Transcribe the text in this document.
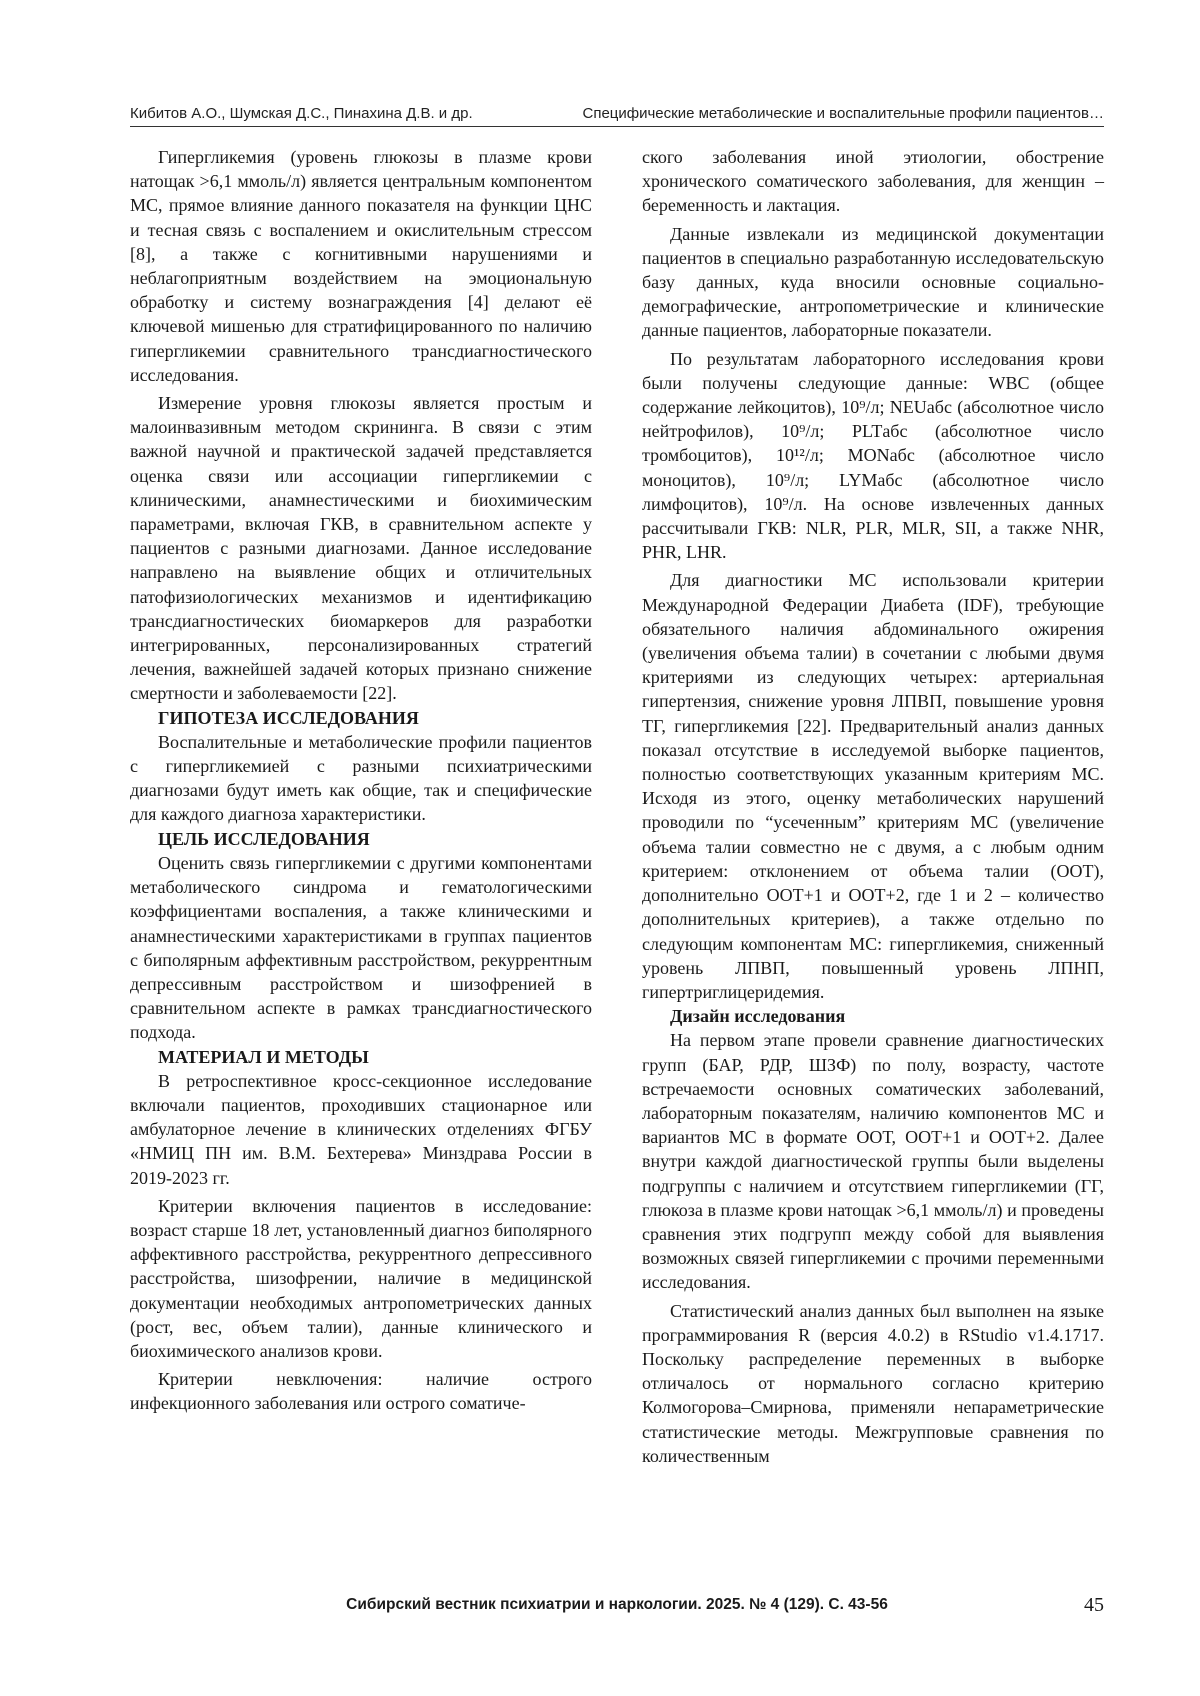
Кибитов А.О., Шумская Д.С., Пинахина Д.В. и др.	Специфические метаболические и воспалительные профили пациентов…

Гипергликемия (уровень глюкозы в плазме крови натощак >6,1 ммоль/л) является центральным компонентом МС, прямое влияние данного показателя на функции ЦНС и тесная связь с воспалением и окислительным стрессом [8], а также с когнитивными нарушениями и неблагоприятным воздействием на эмоциональную обработку и систему вознаграждения [4] делают её ключевой мишенью для стратифицированного по наличию гипергликемии сравнительного трансдиагностического исследования.

Измерение уровня глюкозы является простым и малоинвазивным методом скрининга. В связи с этим важной научной и практической задачей представляется оценка связи или ассоциации гипергликемии с клиническими, анамнестическими и биохимическим параметрами, включая ГКВ, в сравнительном аспекте у пациентов с разными диагнозами. Данное исследование направлено на выявление общих и отличительных патофизиологических механизмов и идентификацию трансдиагностических биомаркеров для разработки интегрированных, персонализированных стратегий лечения, важнейшей задачей которых признано снижение смертности и заболеваемости [22].

ГИПОТЕЗА ИССЛЕДОВАНИЯ

Воспалительные и метаболические профили пациентов с гипергликемией с разными психиатрическими диагнозами будут иметь как общие, так и специфические для каждого диагноза характеристики.

ЦЕЛЬ ИССЛЕДОВАНИЯ

Оценить связь гипергликемии с другими компонентами метаболического синдрома и гематологическими коэффициентами воспаления, а также клиническими и анамнестическими характеристиками в группах пациентов с биполярным аффективным расстройством, рекуррентным депрессивным расстройством и шизофренией в сравнительном аспекте в рамках трансдиагностического подхода.

МАТЕРИАЛ И МЕТОДЫ

В ретроспективное кросс-секционное исследование включали пациентов, проходивших стационарное или амбулаторное лечение в клинических отделениях ФГБУ «НМИЦ ПН им. В.М. Бехтерева» Минздрава России в 2019-2023 гг.

Критерии включения пациентов в исследование: возраст старше 18 лет, установленный диагноз биполярного аффективного расстройства, рекуррентного депрессивного расстройства, шизофрении, наличие в медицинской документации необходимых антропометрических данных (рост, вес, объем талии), данные клинического и биохимического анализов крови.

Критерии невключения: наличие острого инфекционного заболевания или острого соматиче-

ского заболевания иной этиологии, обострение хронического соматического заболевания, для женщин – беременность и лактация.

Данные извлекали из медицинской документации пациентов в специально разработанную исследовательскую базу данных, куда вносили основные социально-демографические, антропометрические и клинические данные пациентов, лабораторные показатели.

По результатам лабораторного исследования крови были получены следующие данные: WBC (общее содержание лейкоцитов), 10⁹/л; NEUабс (абсолютное число нейтрофилов), 10⁹/л; PLTабс (абсолютное число тромбоцитов), 10¹²/л; MONабс (абсолютное число моноцитов), 10⁹/л; LYMабс (абсолютное число лимфоцитов), 10⁹/л. На основе извлеченных данных рассчитывали ГКВ: NLR, PLR, MLR, SII, а также NHR, PHR, LHR.

Для диагностики МС использовали критерии Международной Федерации Диабета (IDF), требующие обязательного наличия абдоминального ожирения (увеличения объема талии) в сочетании с любыми двумя критериями из следующих четырех: артериальная гипертензия, снижение уровня ЛПВП, повышение уровня ТГ, гипергликемия [22]. Предварительный анализ данных показал отсутствие в исследуемой выборке пациентов, полностью соответствующих указанным критериям МС. Исходя из этого, оценку метаболических нарушений проводили по “усеченным” критериям МС (увеличение объема талии совместно не с двумя, а с любым одним критерием: отклонением от объема талии (ООТ), дополнительно ООТ+1 и ООТ+2, где 1 и 2 – количество дополнительных критериев), а также отдельно по следующим компонентам МС: гипергликемия, сниженный уровень ЛПВП, повышенный уровень ЛПНП, гипертриглицеридемия.

Дизайн исследования

На первом этапе провели сравнение диагностических групп (БАР, РДР, ШЗФ) по полу, возрасту, частоте встречаемости основных соматических заболеваний, лабораторным показателям, наличию компонентов МС и вариантов МС в формате ООТ, ООТ+1 и ООТ+2. Далее внутри каждой диагностической группы были выделены подгруппы с наличием и отсутствием гипергликемии (ГГ, глюкоза в плазме крови натощак >6,1 ммоль/л) и проведены сравнения этих подгрупп между собой для выявления возможных связей гипергликемии с прочими переменными исследования.

Статистический анализ данных был выполнен на языке программирования R (версия 4.0.2) в RStudio v1.4.1717. Поскольку распределение переменных в выборке отличалось от нормального согласно критерию Колмогорова–Смирнова, применяли непараметрические статистические методы. Межгрупповые сравнения по количественным

Сибирский вестник психиатрии и наркологии. 2025. № 4 (129). С. 43-56	45
